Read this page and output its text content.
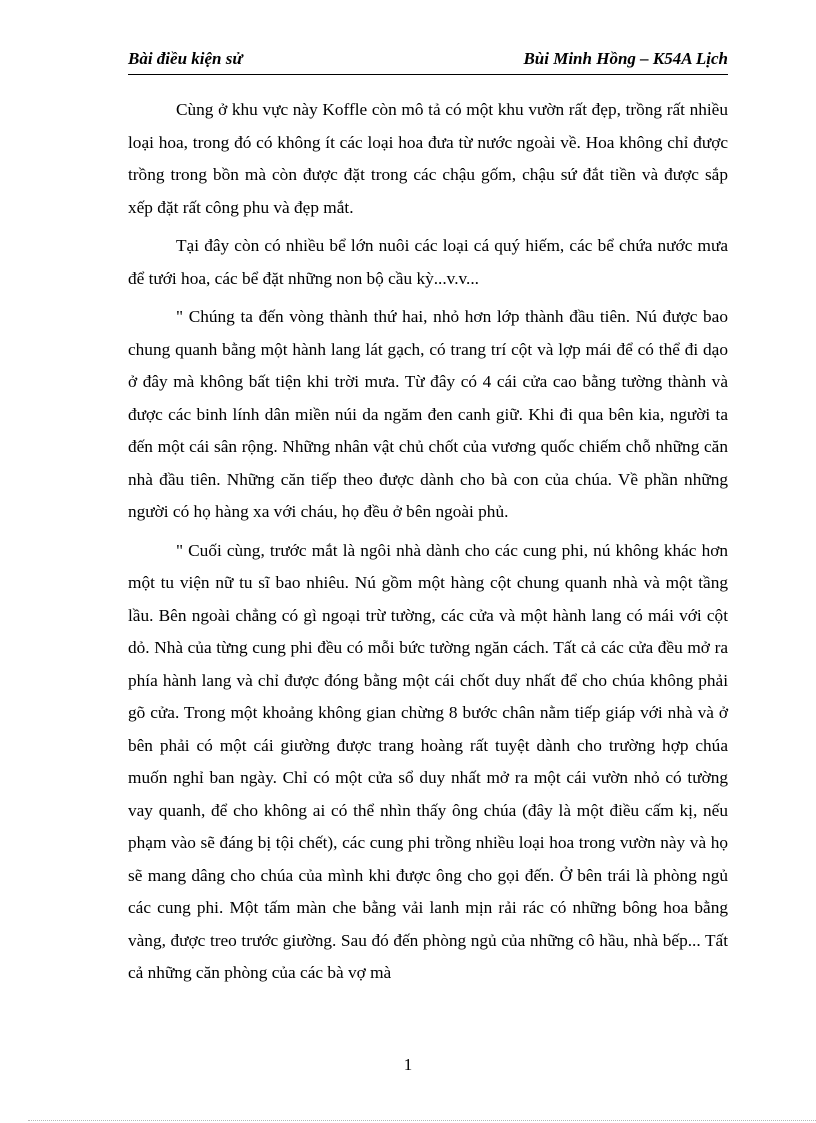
Bài điều kiện sử	Bùi Minh Hồng – K54A Lịch

Cùng ở khu vực này Koffle còn mô tả có một khu vườn rất đẹp, trồng rất nhiều loại hoa, trong đó có không ít các loại hoa đưa từ nước ngoài về. Hoa không chỉ được trồng trong bồn mà còn được đặt trong các chậu gốm, chậu sứ đắt tiền và được sắp xếp đặt rất công phu và đẹp mắt.

Tại đây còn có nhiều bể lớn nuôi các loại cá quý hiếm, các bể chứa nước mưa để tưới hoa, các bể đặt những non bộ cầu kỳ...v.v...

" Chúng ta đến vòng thành thứ hai, nhỏ hơn lớp thành đầu tiên. Nú được bao chung quanh bằng một hành lang lát gạch, có trang trí cột và lợp mái để có thể đi dạo ở đây mà không bất tiện khi trời mưa. Từ đây có 4 cái cửa cao bằng tường thành và được các binh lính dân miền núi da ngăm đen canh giữ. Khi đi qua bên kia, người ta đến một cái sân rộng. Những nhân vật chủ chốt của vương quốc chiếm chỗ những căn nhà đầu tiên. Những căn tiếp theo được dành cho bà con của chúa. Về phần những người có họ hàng xa với cháu, họ đều ở bên ngoài phủ.

" Cuối cùng, trước mắt là ngôi nhà dành cho các cung phi, nú không khác hơn một tu viện nữ tu sĩ bao nhiêu. Nú gồm một hàng cột chung quanh nhà và một tầng lầu. Bên ngoài chẳng có gì ngoại trừ tường, các cửa và một hành lang có mái với cột dỏ. Nhà của từng cung phi đều có mỗi bức tường ngăn cách. Tất cả các cửa đều mở ra phía hành lang và chỉ được đóng bằng một cái chốt duy nhất để cho chúa không phải gõ cửa. Trong một khoảng không gian chừng 8 bước chân nằm tiếp giáp với nhà và ở bên phải có một cái giường được trang hoàng rất tuyệt dành cho trường hợp chúa muốn nghỉ ban ngày. Chỉ có một cửa sổ duy nhất mở ra một cái vườn nhỏ có tường vay quanh, để cho không ai có thể nhìn thấy ông chúa (đây là một điều cấm kị, nếu phạm vào sẽ đáng bị tội chết), các cung phi trồng nhiều loại hoa trong vườn này và họ sẽ mang dâng cho chúa của mình khi được ông cho gọi đến. Ở bên trái là phòng ngủ các cung phi. Một tấm màn che bằng vải lanh mịn rải rác có những bông hoa bằng vàng, được treo trước giường. Sau đó đến phòng ngủ của những cô hầu, nhà bếp... Tất cả những căn phòng của các bà vợ mà

1
